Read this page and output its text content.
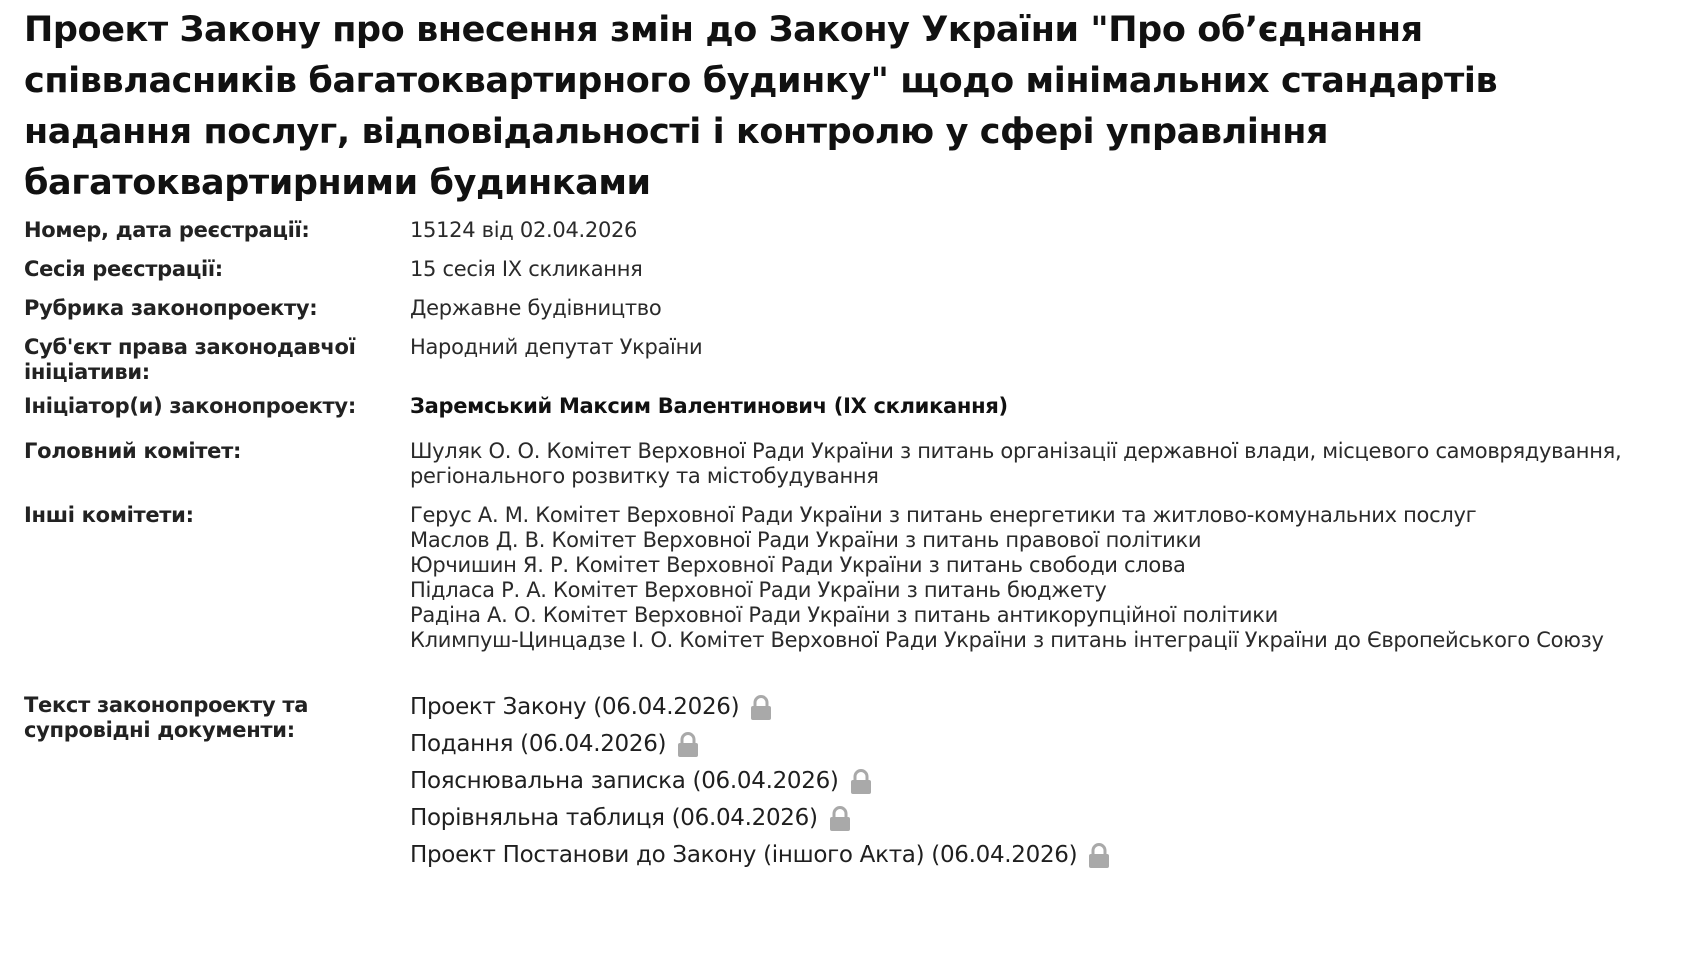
Проект Закону про внесення змін до Закону України "Про об’єднання співвласників багатоквартирного будинку" щодо мінімальних стандартів надання послуг, відповідальності і контролю у сфері управління багатоквартирними будинками
Номер, дата реєстрації:	15124 від 02.04.2026
Сесія реєстрації:	15 сесія IX скликання
Рубрика законопроекту:	Державне будівництво
Суб'єкт права законодавчої ініціативи:
Народний депутат України
Ініціатор(и) законопроекту:	Заремський Максим Валентинович (IX скликання)
Головний комітет:	Шуляк О. О. Комітет Верховної Ради України з питань організації державної влади, місцевого самоврядування, регіонального розвитку та містобудування
Інші комітети:	Герус А. М. Комітет Верховної Ради України з питань енергетики та житлово-комунальних послуг
Маслов Д. В. Комітет Верховної Ради України з питань правової політики
Юрчишин Я. Р. Комітет Верховної Ради України з питань свободи слова
Підласа Р. А. Комітет Верховної Ради України з питань бюджету
Радіна А. О. Комітет Верховної Ради України з питань антикорупційної політики
Климпуш-Цинцадзе І. О. Комітет Верховної Ради України з питань інтеграції України до Європейського Союзу
Текст законопроекту та супровідні документи:
Проект Закону (06.04.2026)
Подання (06.04.2026)
Пояснювальна записка (06.04.2026)
Порівняльна таблиця (06.04.2026)
Проект Постанови до Закону (іншого Акта) (06.04.2026)
